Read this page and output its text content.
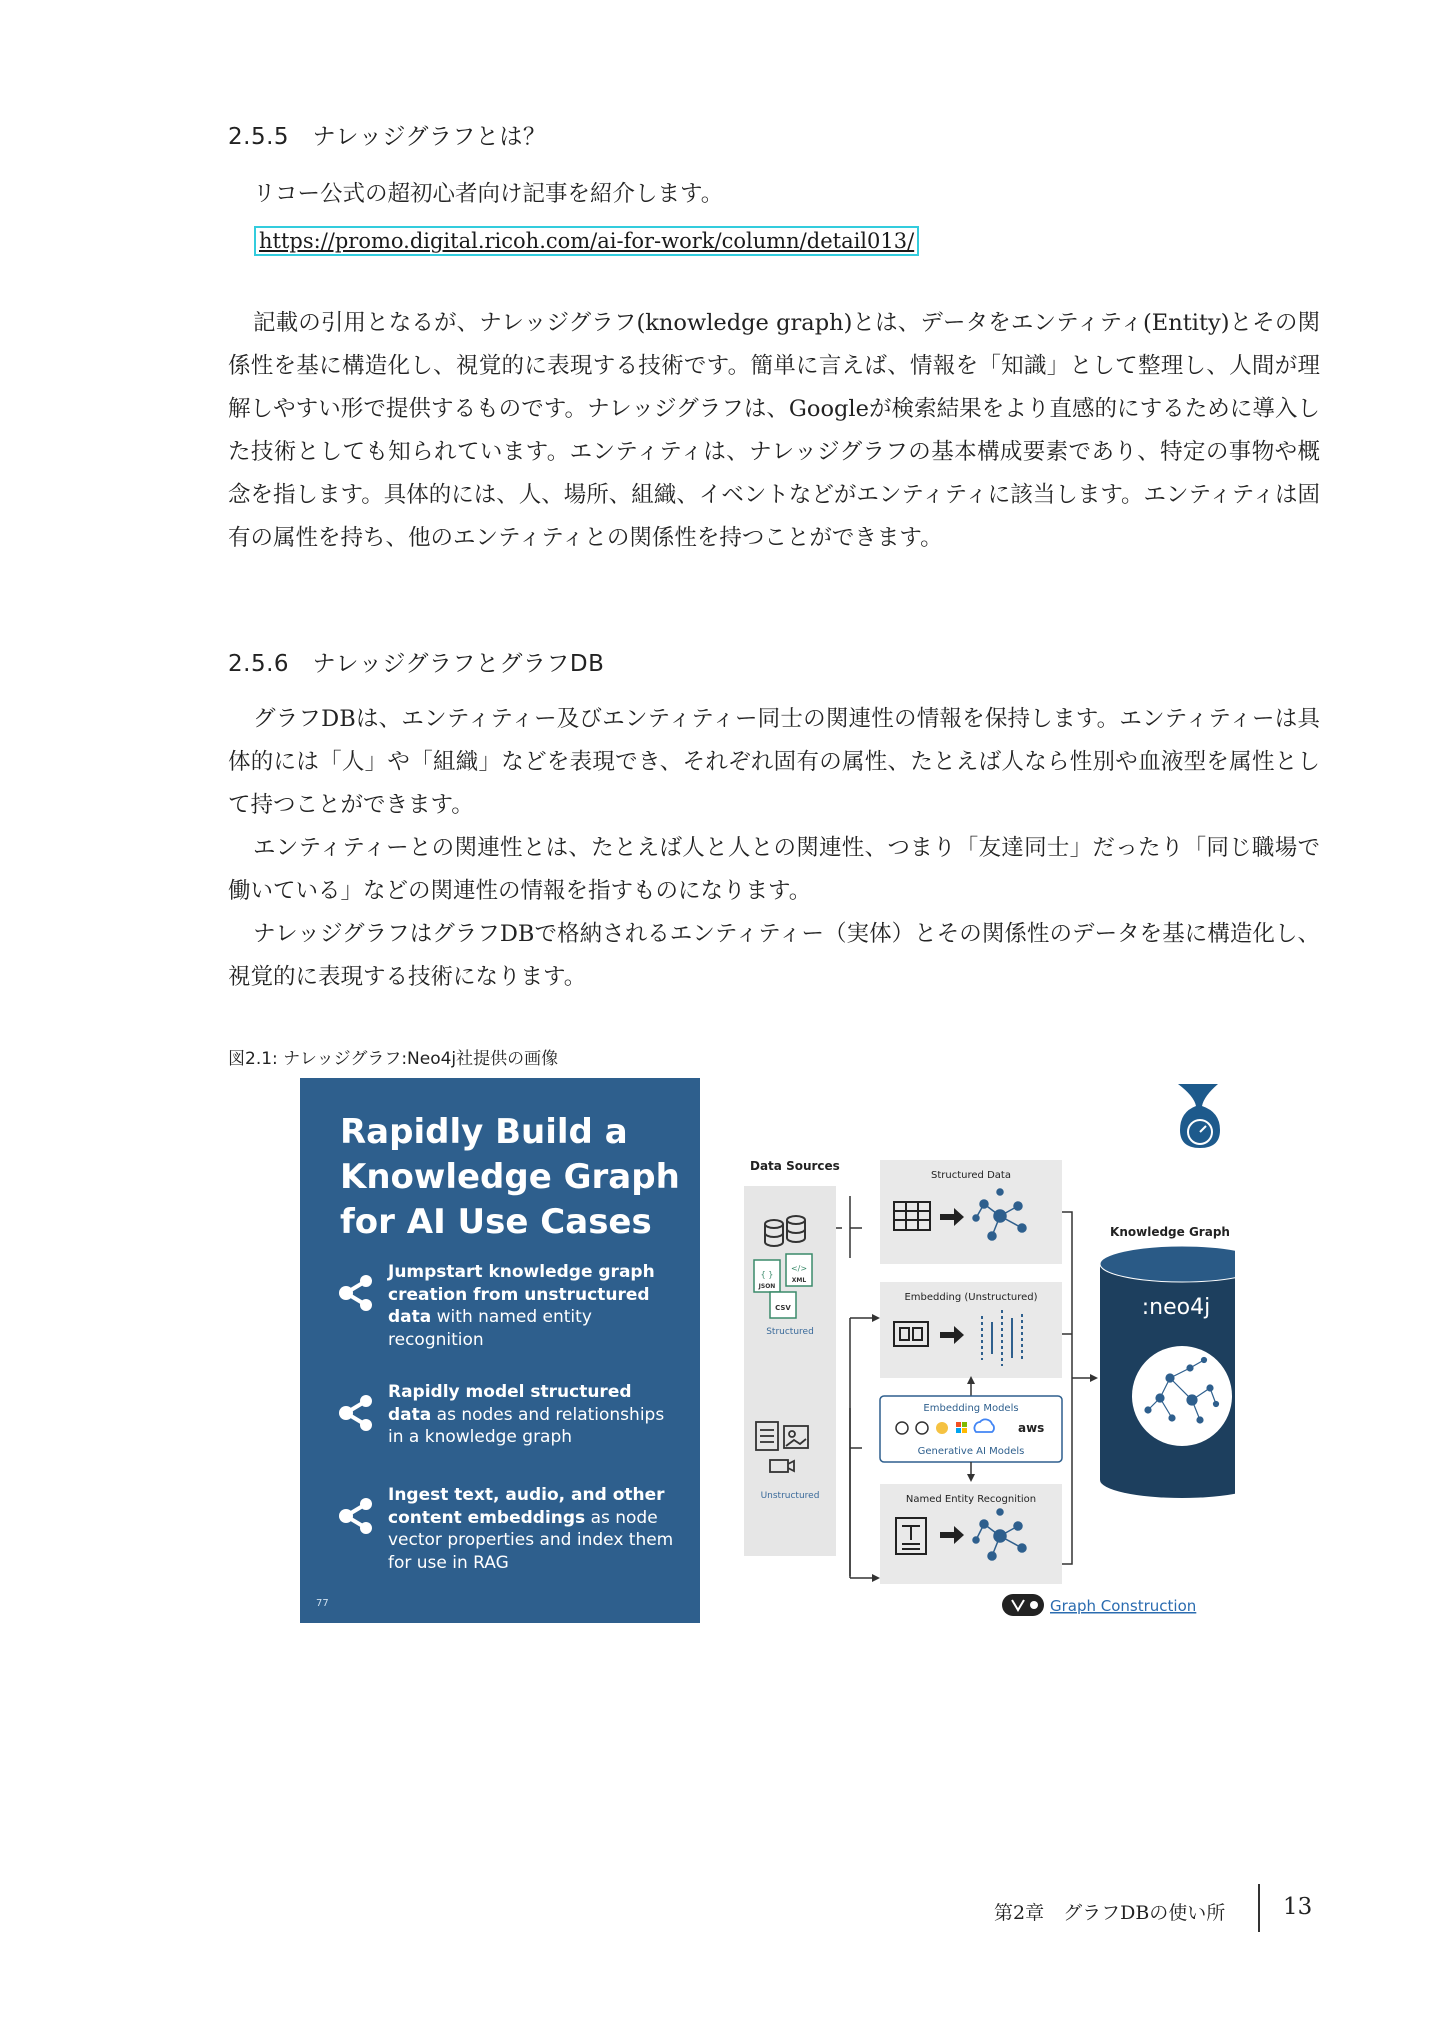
2.5.5　ナレッジグラフとは？

リコー公式の超初心者向け記事を紹介します。

https://promo.digital.ricoh.com/ai-for-work/column/detail013/

記載の引用となるが、ナレッジグラフ(knowledge graph)とは、データをエンティティ(Entity)とその関係性を基に構造化し、視覚的に表現する技術です。簡単に言えば、情報を「知識」として整理し、人間が理解しやすい形で提供するものです。ナレッジグラフは、Googleが検索結果をより直感的にするために導入した技術としても知られています。エンティティは、ナレッジグラフの基本構成要素であり、特定の事物や概念を指します。具体的には、人、場所、組織、イベントなどがエンティティに該当します。エンティティは固有の属性を持ち、他のエンティティとの関係性を持つことができます。

2.5.6　ナレッジグラフとグラフDB

グラフDBは、エンティティー及びエンティティー同士の関連性の情報を保持します。エンティティーは具体的には「人」や「組織」などを表現でき、それぞれ固有の属性、たとえば人なら性別や血液型を属性として持つことができます。

エンティティーとの関連性とは、たとえば人と人との関連性、つまり「友達同士」だったり「同じ職場で働いている」などの関連性の情報を指すものになります。

ナレッジグラフはグラフDBで格納されるエンティティー（実体）とその関係性のデータを基に構造化し、視覚的に表現する技術になります。

図2.1: ナレッジグラフ:Neo4j社提供の画像

Rapidly Build a Knowledge Graph for AI Use Cases
Jumpstart knowledge graph creation from unstructured data with named entity recognition
Rapidly model structured data as nodes and relationships in a knowledge graph
Ingest text, audio, and other content embeddings as node vector properties and index them for use in RAG
77
Data Sources
{ }
JSON
</>
XML
CSV
Structured
Unstructured
Structured Data
Embedding (Unstructured)
Embedding Models
aws
Generative AI Models
Named Entity Recognition
Knowledge Graph
:neo4j
Graph Construction
第2章　グラフDBの使い所	13
